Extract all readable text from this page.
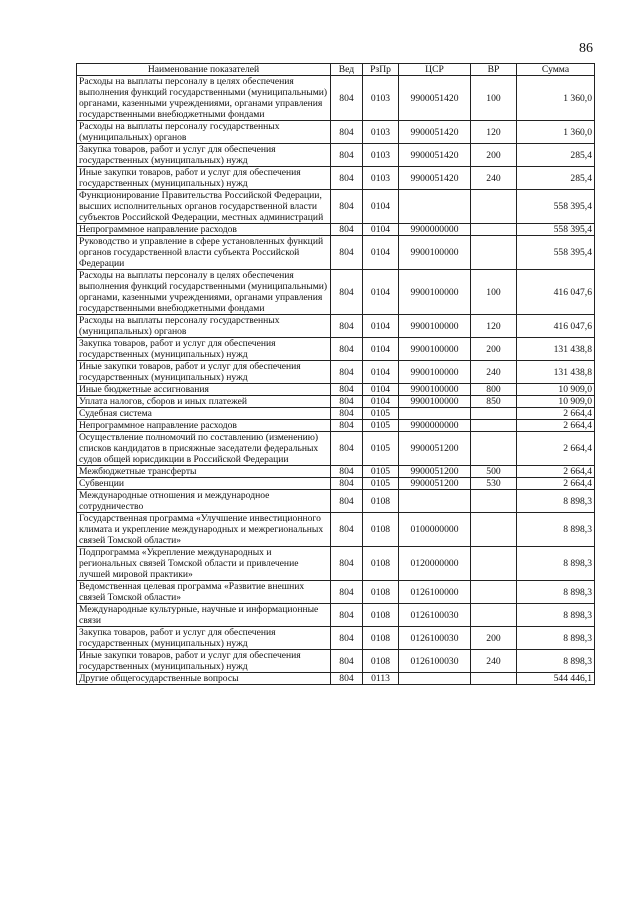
86
Наименование показателей	Вед	РзПр	ЦСР	ВР	Сумма
Расходы на выплаты персоналу в целях обеспечения выполнения функций государственными (муниципальными) органами, казенными учреждениями, органами управления государственными внебюджетными фондами	804	0103	9900051420	100	1 360,0
Расходы на выплаты персоналу государственных (муниципальных) органов	804	0103	9900051420	120	1 360,0
Закупка товаров, работ и услуг для обеспечения государственных (муниципальных) нужд	804	0103	9900051420	200	285,4
Иные закупки товаров, работ и услуг для обеспечения государственных (муниципальных) нужд	804	0103	9900051420	240	285,4
Функционирование Правительства Российской Федерации, высших исполнительных органов государственной власти субъектов Российской Федерации, местных администраций	804	0104			558 395,4
Непрограммное направление расходов	804	0104	9900000000		558 395,4
Руководство и управление в сфере установленных функций органов государственной власти субъекта Российской Федерации	804	0104	9900100000		558 395,4
Расходы на выплаты персоналу в целях обеспечения выполнения функций государственными (муниципальными) органами, казенными учреждениями, органами управления государственными внебюджетными фондами	804	0104	9900100000	100	416 047,6
Расходы на выплаты персоналу государственных (муниципальных) органов	804	0104	9900100000	120	416 047,6
Закупка товаров, работ и услуг для обеспечения государственных (муниципальных) нужд	804	0104	9900100000	200	131 438,8
Иные закупки товаров, работ и услуг для обеспечения государственных (муниципальных) нужд	804	0104	9900100000	240	131 438,8
Иные бюджетные ассигнования	804	0104	9900100000	800	10 909,0
Уплата налогов, сборов и иных платежей	804	0104	9900100000	850	10 909,0
Судебная система	804	0105			2 664,4
Непрограммное направление расходов	804	0105	9900000000		2 664,4
Осуществление полномочий по составлению (изменению) списков кандидатов в присяжные заседатели федеральных судов общей юрисдикции в Российской Федерации	804	0105	9900051200		2 664,4
Межбюджетные трансферты	804	0105	9900051200	500	2 664,4
Субвенции	804	0105	9900051200	530	2 664,4
Международные отношения и международное сотрудничество	804	0108			8 898,3
Государственная программа «Улучшение инвестиционного климата и укрепление международных и межрегиональных связей Томской области»	804	0108	0100000000		8 898,3
Подпрограмма «Укрепление международных и региональных связей Томской области и привлечение лучшей мировой практики»	804	0108	0120000000		8 898,3
Ведомственная целевая программа «Развитие внешних связей Томской области»	804	0108	0126100000		8 898,3
Международные культурные, научные и информационные связи	804	0108	0126100030		8 898,3
Закупка товаров, работ и услуг для обеспечения государственных (муниципальных) нужд	804	0108	0126100030	200	8 898,3
Иные закупки товаров, работ и услуг для обеспечения государственных (муниципальных) нужд	804	0108	0126100030	240	8 898,3
Другие общегосударственные вопросы	804	0113			544 446,1
